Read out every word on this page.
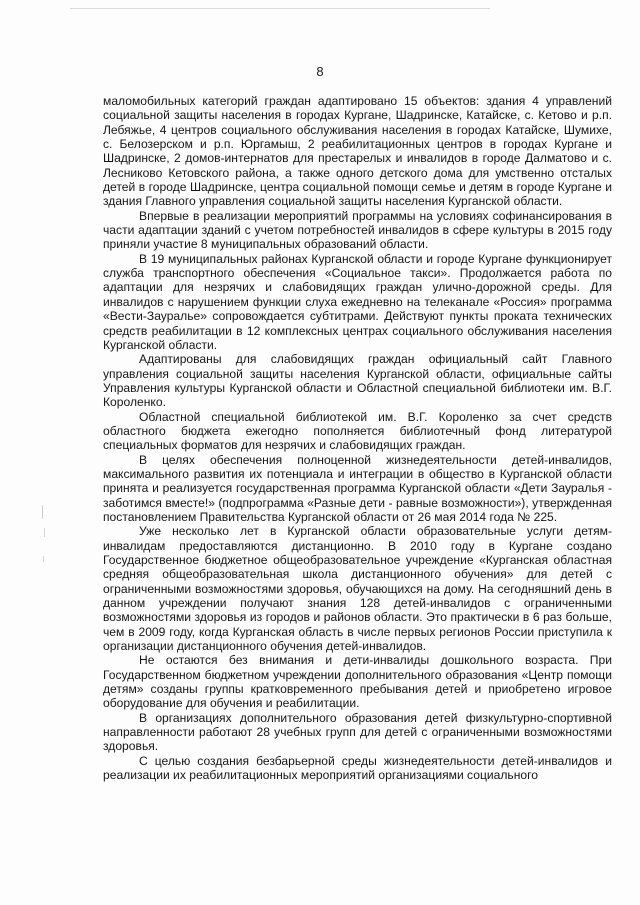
8

маломобильных категорий граждан адаптировано 15 объектов: здания 4 управлений социальной защиты населения в городах Кургане, Шадринске, Катайске, с. Кетово и р.п. Лебяжье, 4 центров социального обслуживания населения в городах Катайске, Шумихе, с. Белозерском и р.п. Юргамыш, 2 реабилитационных центров в городах Кургане и Шадринске, 2 домов-интернатов для престарелых и инвалидов в городе Далматово и с. Лесниково Кетовского района, а также одного детского дома для умственно отсталых детей в городе Шадринске, центра социальной помощи семье и детям в городе Кургане и здания Главного управления социальной защиты населения Курганской области.

Впервые в реализации мероприятий программы на условиях софинансирования в части адаптации зданий с учетом потребностей инвалидов в сфере культуры в 2015 году приняли участие 8 муниципальных образований области.

В 19 муниципальных районах Курганской области и городе Кургане функционирует служба транспортного обеспечения «Социальное такси». Продолжается работа по адаптации для незрячих и слабовидящих граждан улично-дорожной среды. Для инвалидов с нарушением функции слуха ежедневно на телеканале «Россия» программа «Вести-Зауралье» сопровождается субтитрами. Действуют пункты проката технических средств реабилитации в 12 комплексных центрах социального обслуживания населения Курганской области.

Адаптированы для слабовидящих граждан официальный сайт Главного управления социальной защиты населения Курганской области, официальные сайты Управления культуры Курганской области и Областной специальной библиотеки им. В.Г. Короленко.

Областной специальной библиотекой им. В.Г. Короленко за счет средств областного бюджета ежегодно пополняется библиотечный фонд литературой специальных форматов для незрячих и слабовидящих граждан.

В целях обеспечения полноценной жизнедеятельности детей-инвалидов, максимального развития их потенциала и интеграции в общество в Курганской области принята и реализуется государственная программа Курганской области «Дети Зауралья - заботимся вместе!» (подпрограмма «Разные дети - равные возможности»), утвержденная постановлением Правительства Курганской области от 26 мая 2014 года № 225.

Уже несколько лет в Курганской области образовательные услуги детям-инвалидам предоставляются дистанционно. В 2010 году в Кургане создано Государственное бюджетное общеобразовательное учреждение «Курганская областная средняя общеобразовательная школа дистанционного обучения» для детей с ограниченными возможностями здоровья, обучающихся на дому. На сегодняшний день в данном учреждении получают знания 128 детей-инвалидов с ограниченными возможностями здоровья из городов и районов области. Это практически в 6 раз больше, чем в 2009 году, когда Курганская область в числе первых регионов России приступила к организации дистанционного обучения детей-инвалидов.

Не остаются без внимания и дети-инвалиды дошкольного возраста. При Государственном бюджетном учреждении дополнительного образования «Центр помощи детям» созданы группы кратковременного пребывания детей и приобретено игровое оборудование для обучения и реабилитации.

В организациях дополнительного образования детей физкультурно-спортивной направленности работают 28 учебных групп для детей с ограниченными возможностями здоровья.

С целью создания безбарьерной среды жизнедеятельности детей-инвалидов и реализации их реабилитационных мероприятий организациями социального
